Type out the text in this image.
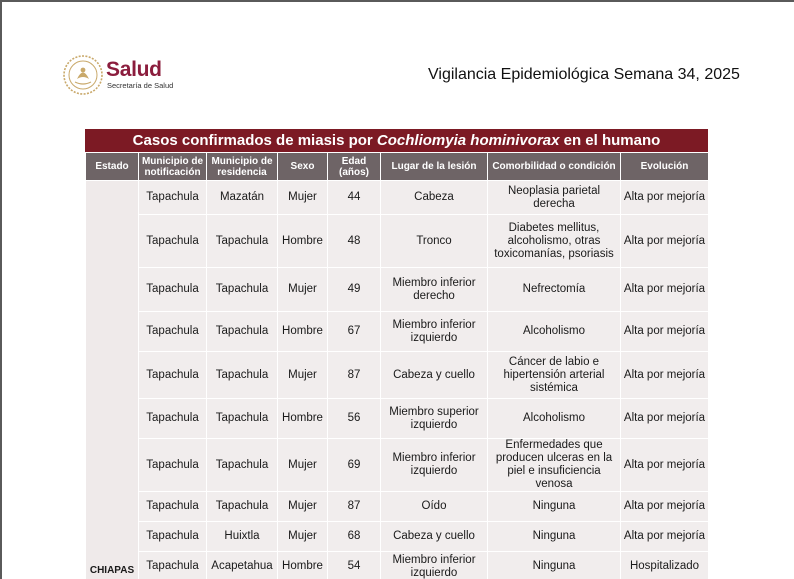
Salud
Secretaría de Salud
Vigilancia Epidemiológica Semana 34, 2025
Casos confirmados de miasis por Cochliomyia hominivorax en el humano
Estado	Municipio de notificación	Municipio de residencia	Sexo	Edad (años)	Lugar de la lesión	Comorbilidad o condición	Evolución
CHIAPAS	Tapachula	Mazatán	Mujer	44	Cabeza	Neoplasia parietal derecha	Alta por mejoría
	Tapachula	Tapachula	Hombre	48	Tronco	Diabetes mellitus, alcoholismo, otras toxicomanías, psoriasis	Alta por mejoría
	Tapachula	Tapachula	Mujer	49	Miembro inferior derecho	Nefrectomía	Alta por mejoría
	Tapachula	Tapachula	Hombre	67	Miembro inferior izquierdo	Alcoholismo	Alta por mejoría
	Tapachula	Tapachula	Mujer	87	Cabeza y cuello	Cáncer de labio e hipertensión arterial sistémica	Alta por mejoría
	Tapachula	Tapachula	Hombre	56	Miembro superior izquierdo	Alcoholismo	Alta por mejoría
	Tapachula	Tapachula	Mujer	69	Miembro inferior izquierdo	Enfermedades que producen ulceras en la piel e insuficiencia venosa	Alta por mejoría
	Tapachula	Tapachula	Mujer	87	Oído	Ninguna	Alta por mejoría
	Tapachula	Huixtla	Mujer	68	Cabeza y cuello	Ninguna	Alta por mejoría
	Tapachula	Acapetahua	Hombre	54	Miembro inferior izquierdo	Ninguna	Hospitalizado
